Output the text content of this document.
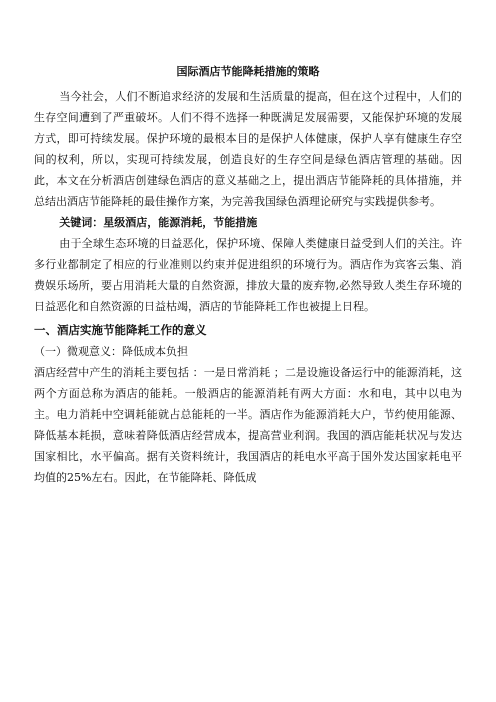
国际酒店节能降耗措施的策略

当今社会，人们不断追求经济的发展和生活质量的提高，但在这个过程中，人们的生存空间遭到了严重破坏。人们不得不选择一种既满足发展需要，又能保护环境的发展方式，即可持续发展。保护环境的最根本目的是保护人体健康，保护人享有健康生存空间的权利，所以，实现可持续发展，创造良好的生存空间是绿色酒店管理的基础。因此，本文在分析酒店创建绿色酒店的意义基础之上，提出酒店节能降耗的具体措施，并总结出酒店节能降耗的最佳操作方案，为完善我国绿色酒理论研究与实践提供参考。

关键词：星级酒店，能源消耗，节能措施

由于全球生态环境的日益恶化，保护环境、保障人类健康日益受到人们的关注。许多行业都制定了相应的行业准则以约束并促进组织的环境行为。酒店作为宾客云集、消费娱乐场所，要占用消耗大量的自然资源，排放大量的废弃物,必然导致人类生存环境的日益恶化和自然资源的日益枯竭，酒店的节能降耗工作也被提上日程。

一、酒店实施节能降耗工作的意义
（一）微观意义：降低成本负担

酒店经营中产生的消耗主要包括 ：一是日常消耗 ；二是设施设备运行中的能源消耗，这两个方面总称为酒店的能耗。一般酒店的能源消耗有两大方面：水和电，其中以电为主。电力消耗中空调耗能就占总能耗的一半。酒店作为能源消耗大户，节约使用能源、降低基本耗损，意味着降低酒店经营成本，提高营业利润。我国的酒店能耗状况与发达国家相比，水平偏高。据有关资料统计，我国酒店的耗电水平高于国外发达国家耗电平均值的25%左右。因此，在节能降耗、降低成
